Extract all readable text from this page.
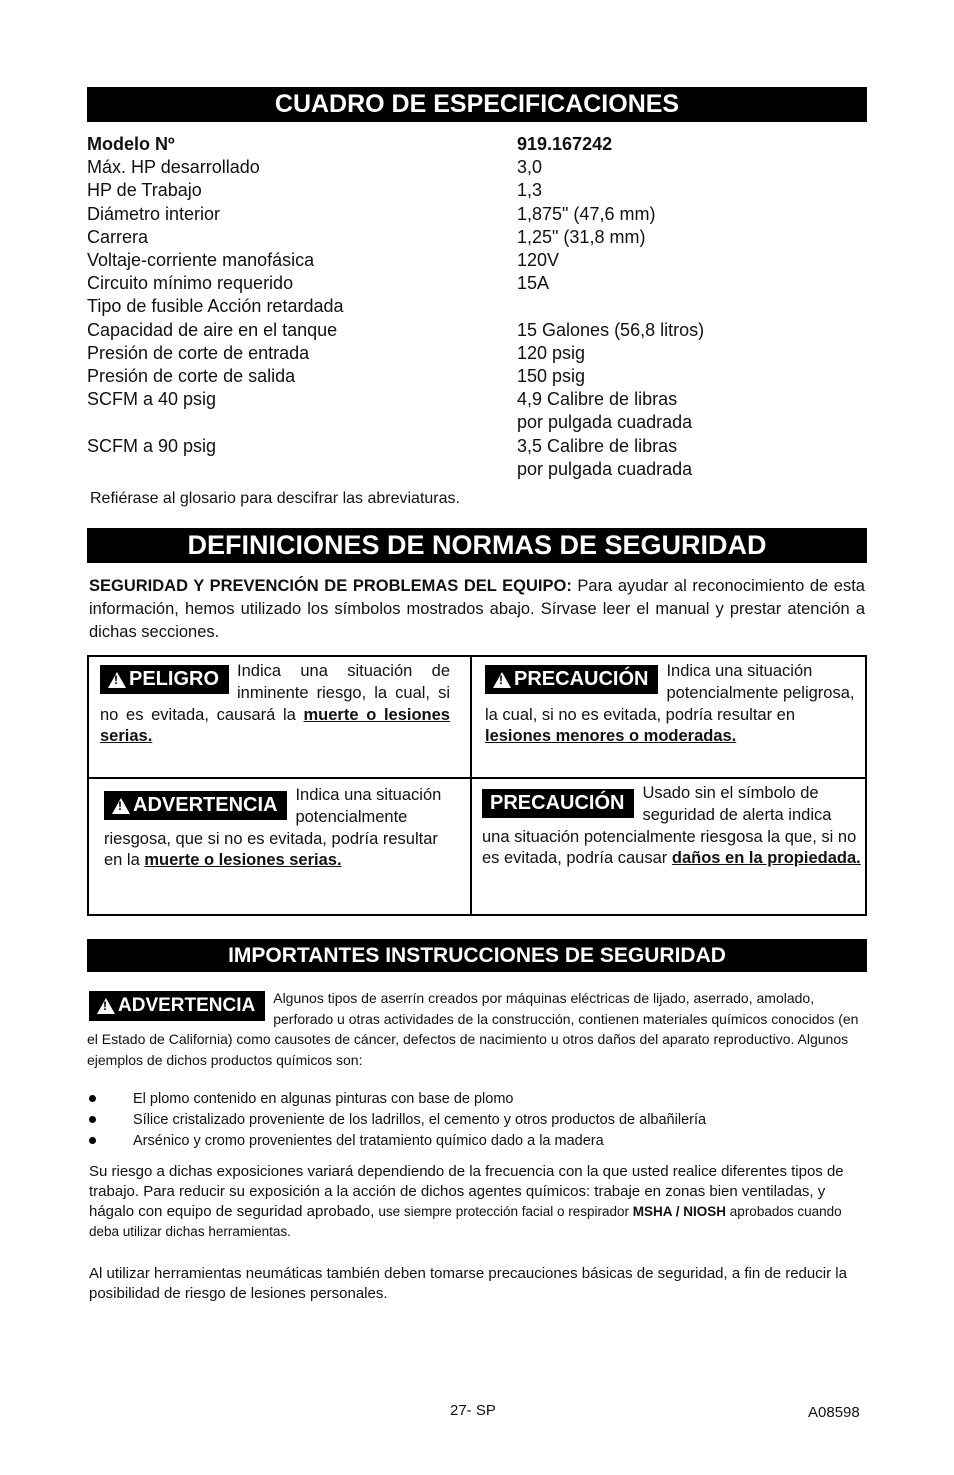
CUADRO DE ESPECIFICACIONES
Modelo Nº	919.167242
Máx. HP desarrollado	3,0
HP de Trabajo	1,3
Diámetro interior	1,875" (47,6 mm)
Carrera	1,25" (31,8 mm)
Voltaje-corriente manofásica	120V
Circuito mínimo requerido	15A
Tipo de fusible Acción retardada
Capacidad de aire en el tanque	15 Galones (56,8 litros)
Presión de corte de entrada	120 psig
Presión de corte de salida	150 psig
SCFM a 40 psig	4,9 Calibre de libras
por pulgada cuadrada
SCFM a 90 psig	3,5 Calibre de libras
por pulgada cuadrada
Refiérase al glosario para descifrar las abreviaturas.
DEFINICIONES DE NORMAS DE SEGURIDAD
SEGURIDAD Y PREVENCIÓN DE PROBLEMAS DEL EQUIPO: Para ayudar al reconocimiento de esta información, hemos utilizado los símbolos mostrados abajo. Sírvase leer el manual y prestar atención a dichas secciones.
!
PELIGRO	Indica una situación de inminente riesgo, la cual, si no es evitada, causará la muerte o lesiones serias.
!
PRECAUCIÓN	Indica una situación potencialmente peligrosa, la cual, si no es evitada, podría resultar en lesiones menores o moderadas.
!
ADVERTENCIA	Indica una situación potencialmente riesgosa, que si no es evitada, podría resultar en la muerte o lesiones serias.
PRECAUCIÓN	Usado sin el símbolo de seguridad de alerta indica una situación potencialmente riesgosa la que, si no es evitada, podría causar daños en la propiedada.
IMPORTANTES INSTRUCCIONES DE SEGURIDAD
!
ADVERTENCIA Algunos tipos de aserrín creados por máquinas eléctricas de lijado, aserrado, amolado, perforado u otras actividades de la construcción, contienen materiales químicos conocidos (en el Estado de California) como causotes de cáncer, defectos de nacimiento u otros daños del aparato reproductivo. Algunos ejemplos de dichos productos químicos son:
El plomo contenido en algunas pinturas con base de plomo
Sílice cristalizado proveniente de los ladrillos, el cemento y otros productos de albañilería
Arsénico y cromo provenientes del tratamiento químico dado a la madera
Su riesgo a dichas exposiciones variará dependiendo de la frecuencia con la que usted realice diferentes tipos de trabajo. Para reducir su exposición a la acción de dichos agentes químicos: trabaje en zonas bien ventiladas, y hágalo con equipo de seguridad aprobado, use siempre protección facial o respirador MSHA / NIOSH aprobados cuando deba utilizar dichas herramientas.
Al utilizar herramientas neumáticas también deben tomarse precauciones básicas de seguridad, a fin de reducir la posibilidad de riesgo de lesiones personales.
27- SP	A08598
